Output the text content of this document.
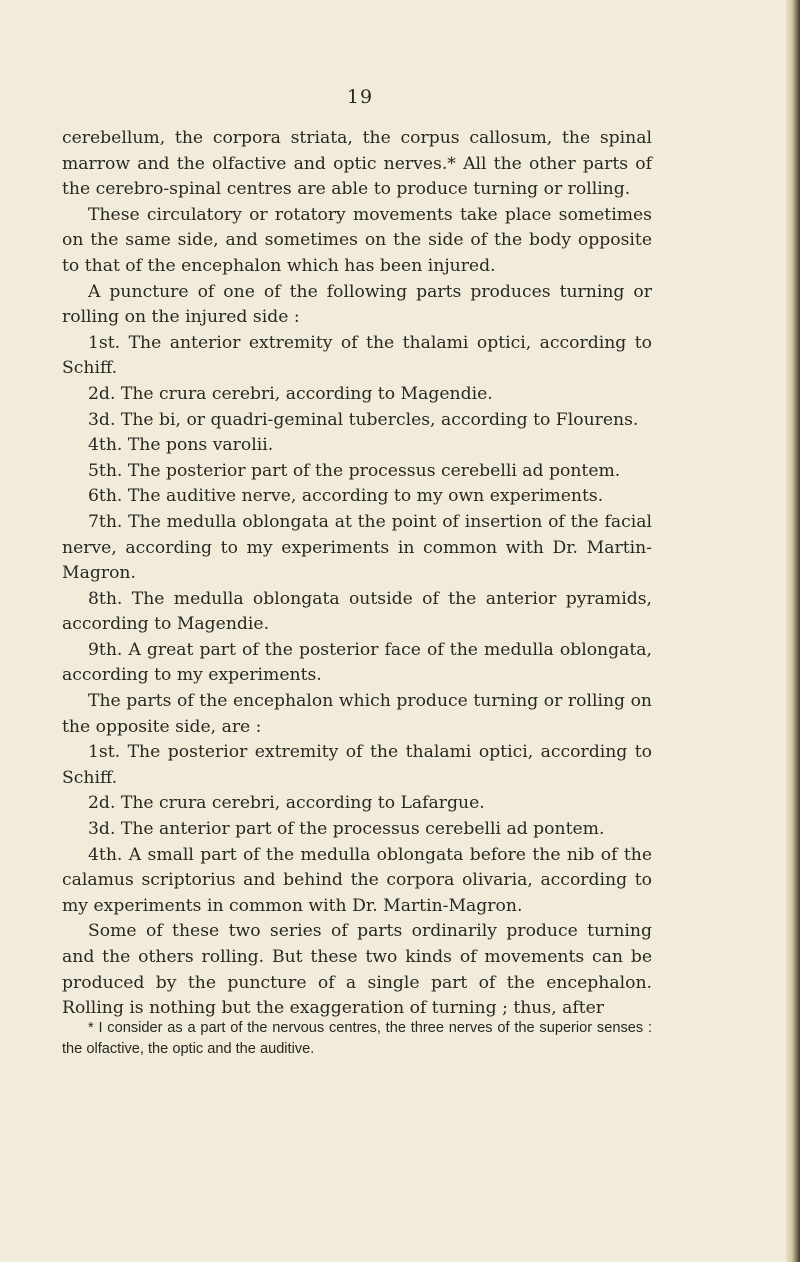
19

cerebellum, the corpora striata, the corpus callosum, the spinal marrow and the olfactive and optic nerves.* All the other parts of the cerebro-spinal centres are able to produce turning or rolling.

These circulatory or rotatory movements take place sometimes on the same side, and sometimes on the side of the body opposite to that of the encephalon which has been injured.

A puncture of one of the following parts produces turning or rolling on the injured side :

1st. The anterior extremity of the thalami optici, according to Schiff.

2d. The crura cerebri, according to Magendie.

3d. The bi, or quadri-geminal tubercles, according to Flourens.

4th. The pons varolii.

5th. The posterior part of the processus cerebelli ad pontem.

6th. The auditive nerve, according to my own experiments.

7th. The medulla oblongata at the point of insertion of the facial nerve, according to my experiments in common with Dr. Martin-Magron.

8th. The medulla oblongata outside of the anterior pyramids, according to Magendie.

9th. A great part of the posterior face of the medulla oblongata, according to my experiments.

The parts of the encephalon which produce turning or rolling on the opposite side, are :

1st. The posterior extremity of the thalami optici, according to Schiff.

2d. The crura cerebri, according to Lafargue.

3d. The anterior part of the processus cerebelli ad pontem.

4th. A small part of the medulla oblongata before the nib of the calamus scriptorius and behind the corpora olivaria, according to my experiments in common with Dr. Martin-Magron.

Some of these two series of parts ordinarily produce turning and the others rolling. But these two kinds of movements can be produced by the puncture of a single part of the encephalon. Rolling is nothing but the exaggeration of turning ; thus, after

* I consider as a part of the nervous centres, the three nerves of the superior senses : the olfactive, the optic and the auditive.
